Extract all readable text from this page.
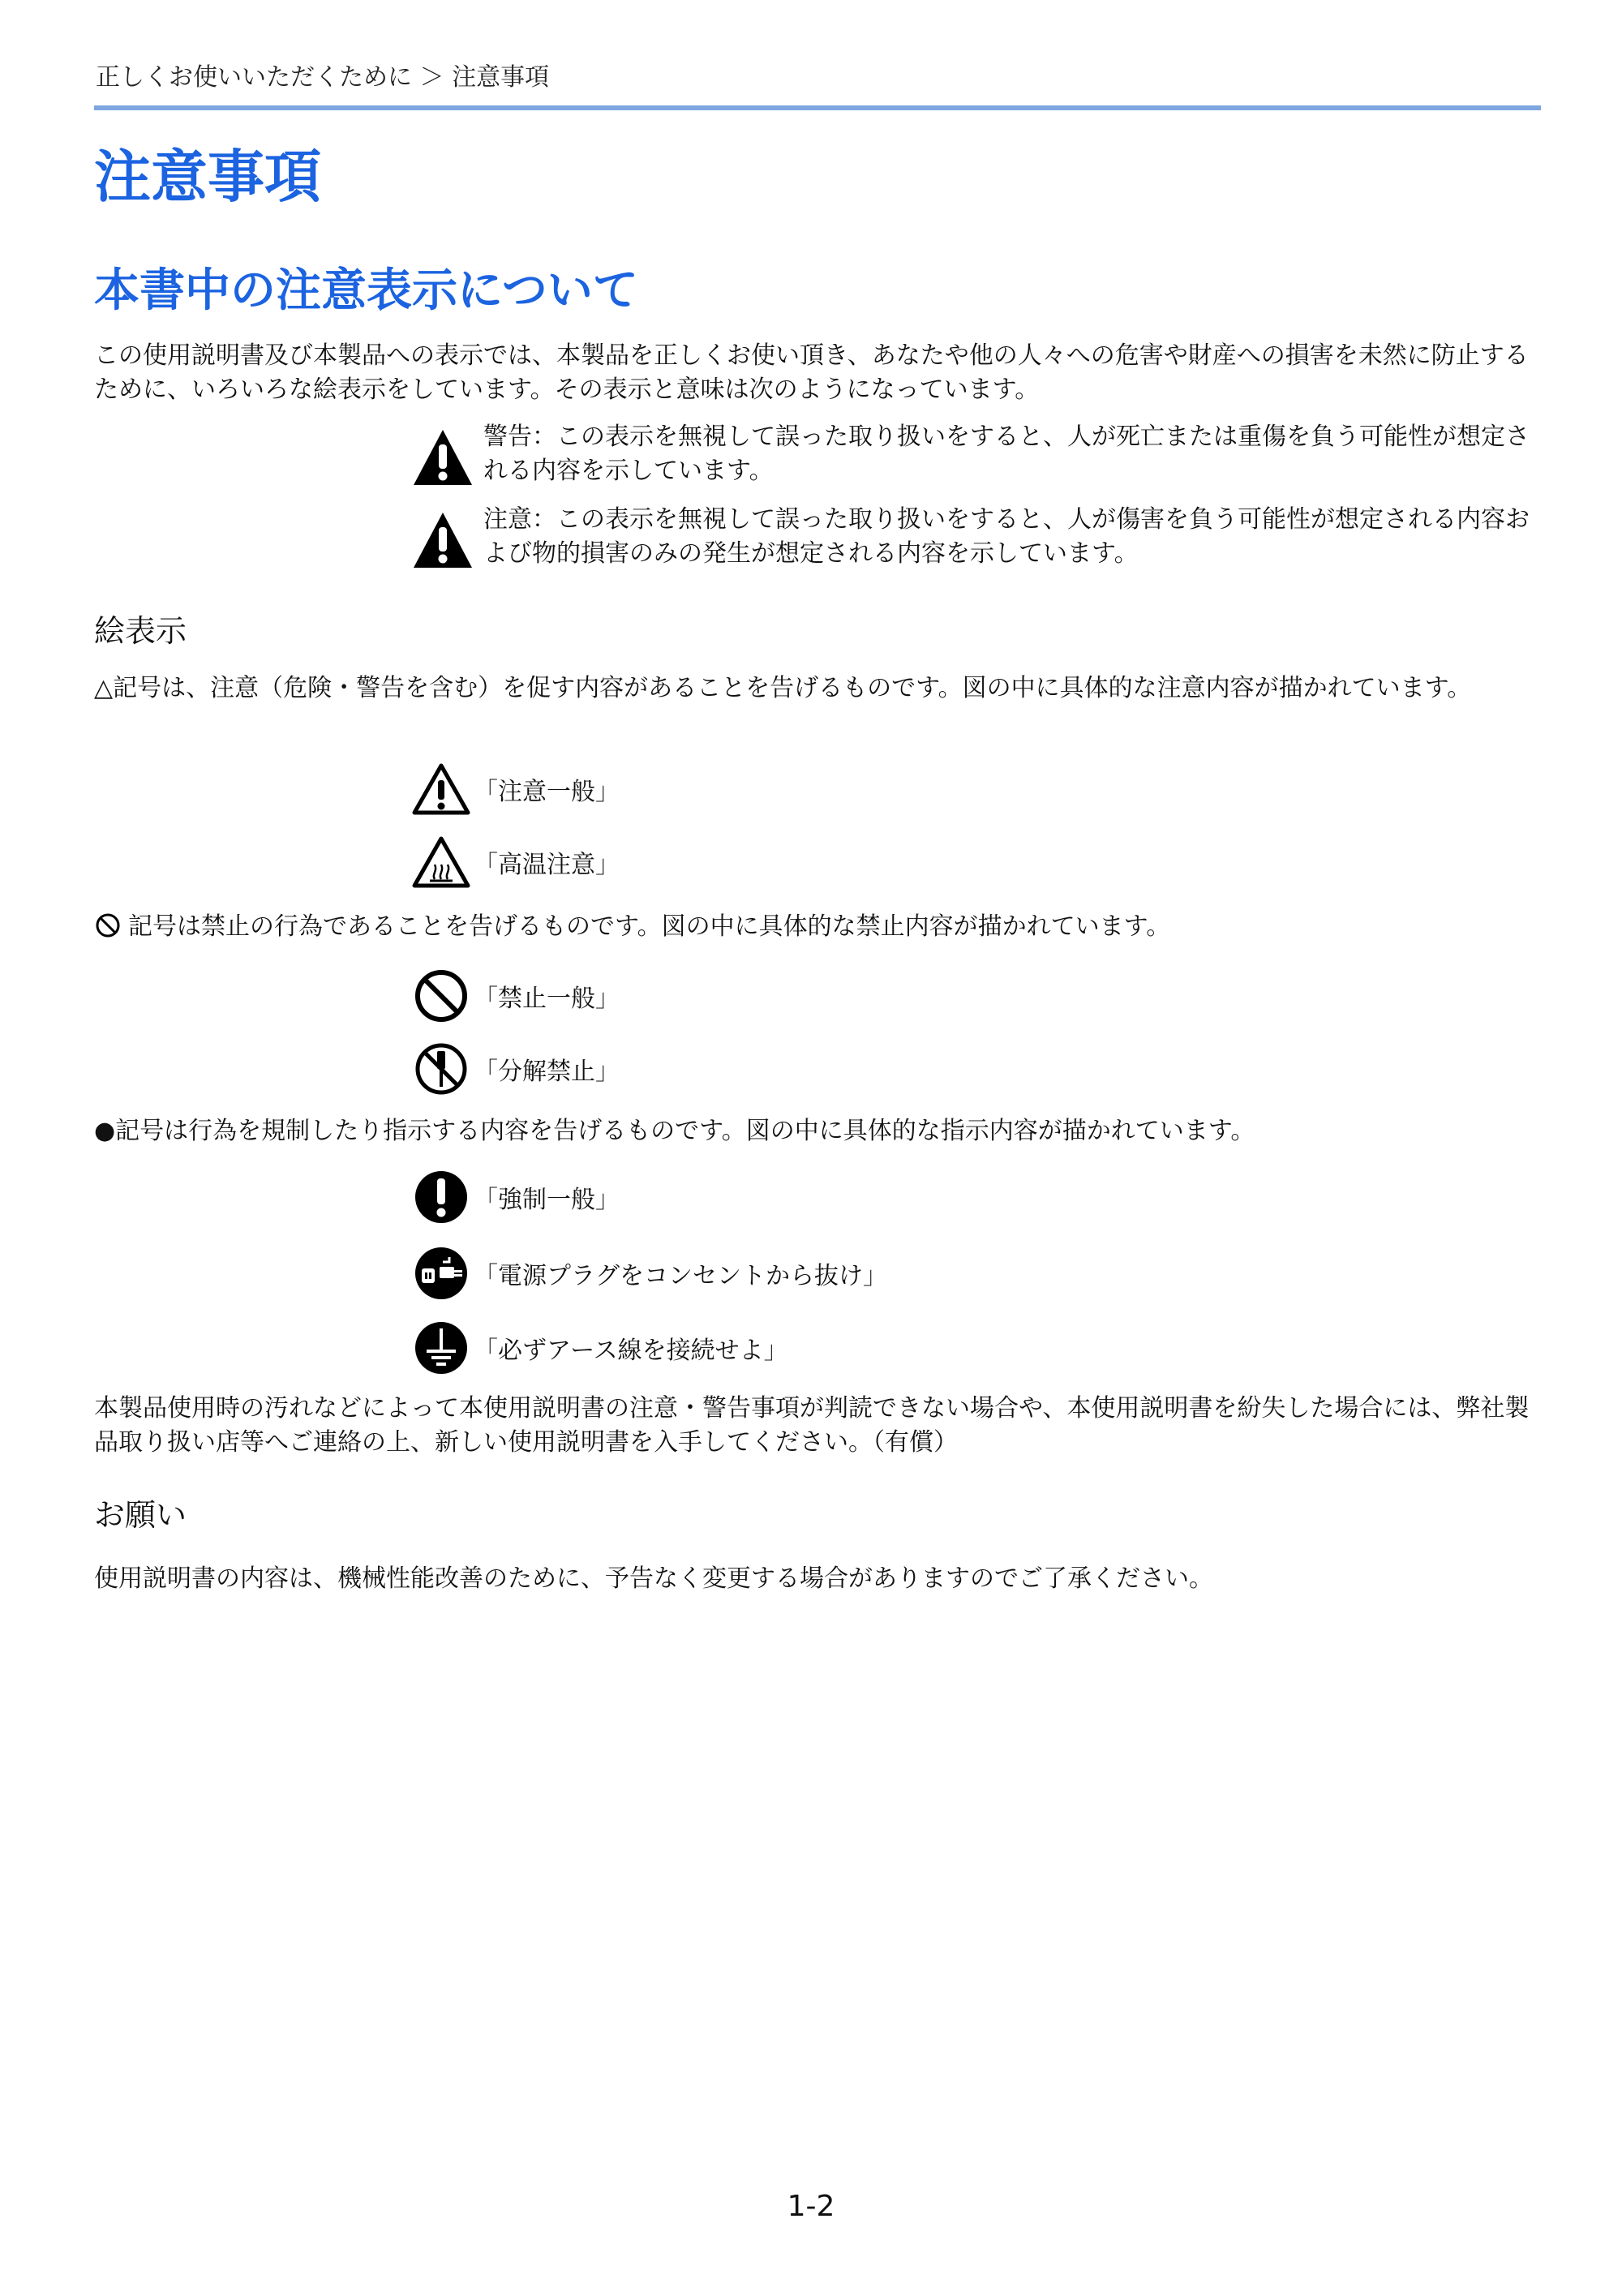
正しくお使いいただくために ＞ 注意事項
注意事項
本書中の注意表示について
この使用説明書及び本製品への表示では、本製品を正しくお使い頂き、あなたや他の人々への危害や財産への損害を未然に防止するために、いろいろな絵表示をしています。その表示と意味は次のようになっています。
警告：この表示を無視して誤った取り扱いをすると、人が死亡または重傷を負う可能性が想定される内容を示しています。
注意：この表示を無視して誤った取り扱いをすると、人が傷害を負う可能性が想定される内容および物的損害のみの発生が想定される内容を示しています。
絵表示
△記号は、注意（危険・警告を含む）を促す内容があることを告げるものです。図の中に具体的な注意内容が描かれています。
「注意一般」
「高温注意」
記号は禁止の行為であることを告げるものです。図の中に具体的な禁止内容が描かれています。
「禁止一般」
「分解禁止」
●記号は行為を規制したり指示する内容を告げるものです。図の中に具体的な指示内容が描かれています。
「強制一般」
「電源プラグをコンセントから抜け」
「必ずアース線を接続せよ」
本製品使用時の汚れなどによって本使用説明書の注意・警告事項が判読できない場合や、本使用説明書を紛失した場合には、弊社製品取り扱い店等へご連絡の上、新しい使用説明書を入手してください。（有償）
お願い
使用説明書の内容は、機械性能改善のために、予告なく変更する場合がありますのでご了承ください。
1-2
